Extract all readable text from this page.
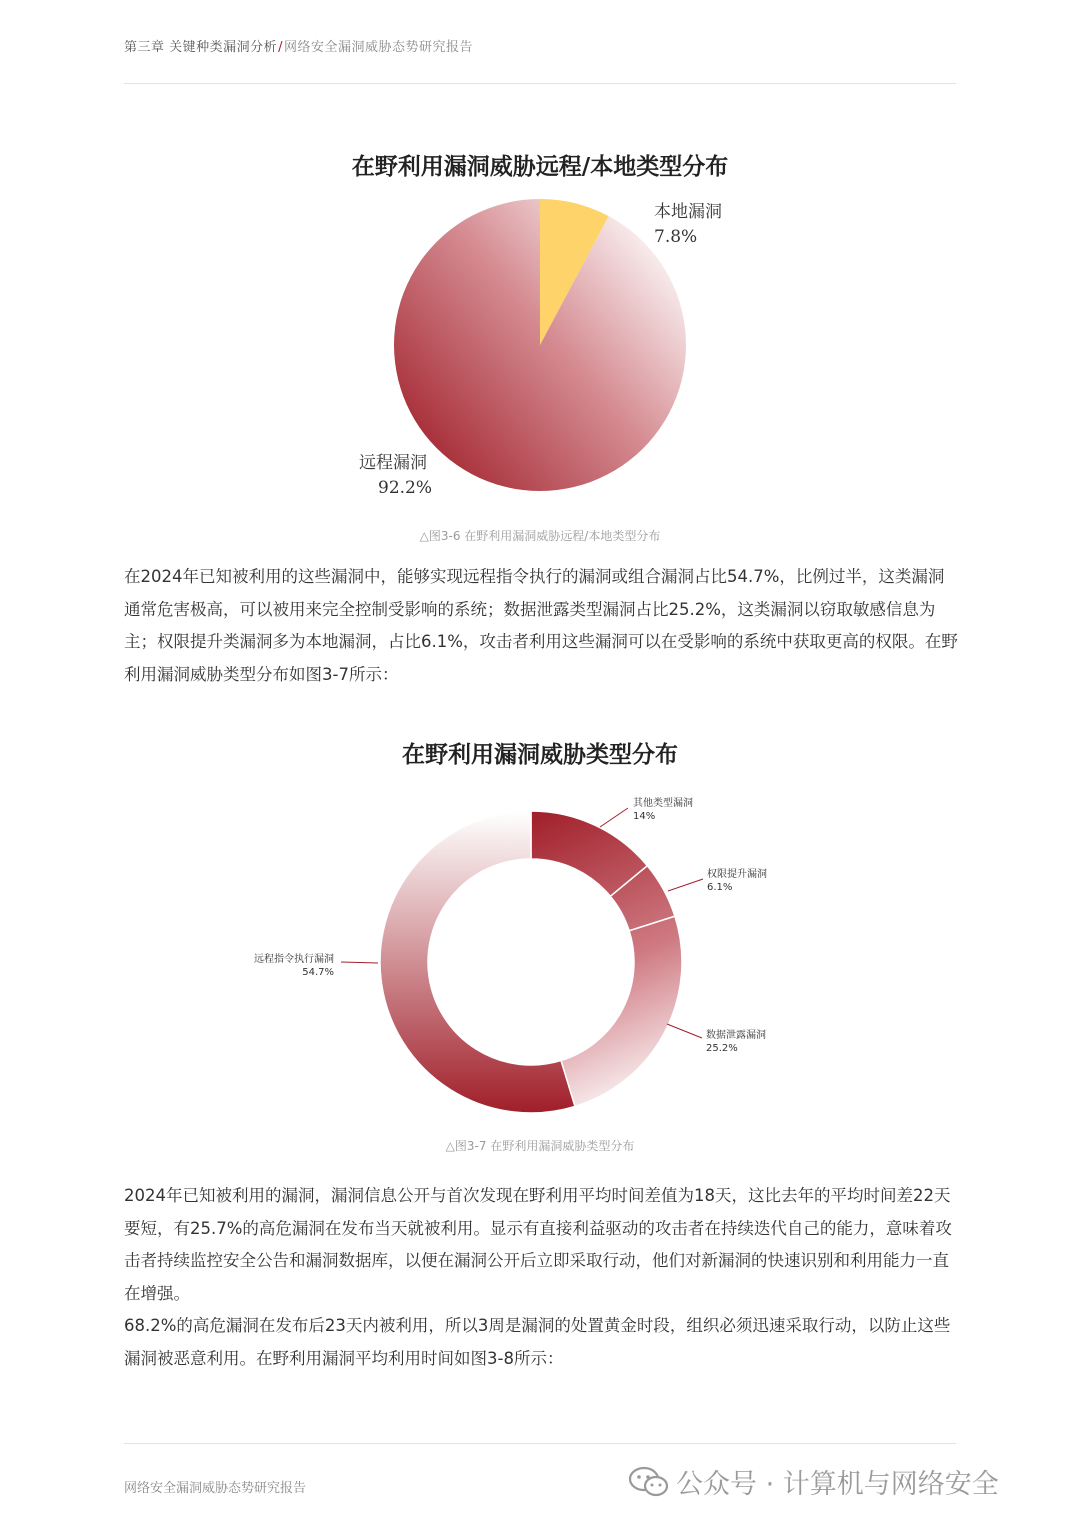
第三章 关键种类漏洞分析/网络安全漏洞威胁态势研究报告
在野利用漏洞威胁远程/本地类型分布
本地漏洞
7.8%
远程漏洞
92.2%
△图3-6 在野利用漏洞威胁远程/本地类型分布

在2024年已知被利用的这些漏洞中，能够实现远程指令执行的漏洞或组合漏洞占比54.7%，比例过半，这类漏洞通常危害极高，可以被用来完全控制受影响的系统；数据泄露类型漏洞占比25.2%，这类漏洞以窃取敏感信息为主；权限提升类漏洞多为本地漏洞，占比6.1%，攻击者利用这些漏洞可以在受影响的系统中获取更高的权限。在野利用漏洞威胁类型分布如图3-7所示：

在野利用漏洞威胁类型分布
其他类型漏洞
14%
权限提升漏洞
6.1%
数据泄露漏洞
25.2%
远程指令执行漏洞
54.7%
△图3-7 在野利用漏洞威胁类型分布

2024年已知被利用的漏洞，漏洞信息公开与首次发现在野利用平均时间差值为18天，这比去年的平均时间差22天要短，有25.7%的高危漏洞在发布当天就被利用。显示有直接利益驱动的攻击者在持续迭代自己的能力，意味着攻击者持续监控安全公告和漏洞数据库，以便在漏洞公开后立即采取行动，他们对新漏洞的快速识别和利用能力一直在增强。

68.2%的高危漏洞在发布后23天内被利用，所以3周是漏洞的处置黄金时段，组织必须迅速采取行动，以防止这些漏洞被恶意利用。在野利用漏洞平均利用时间如图3-8所示：

网络安全漏洞威胁态势研究报告	公众号 · 计算机与网络安全
